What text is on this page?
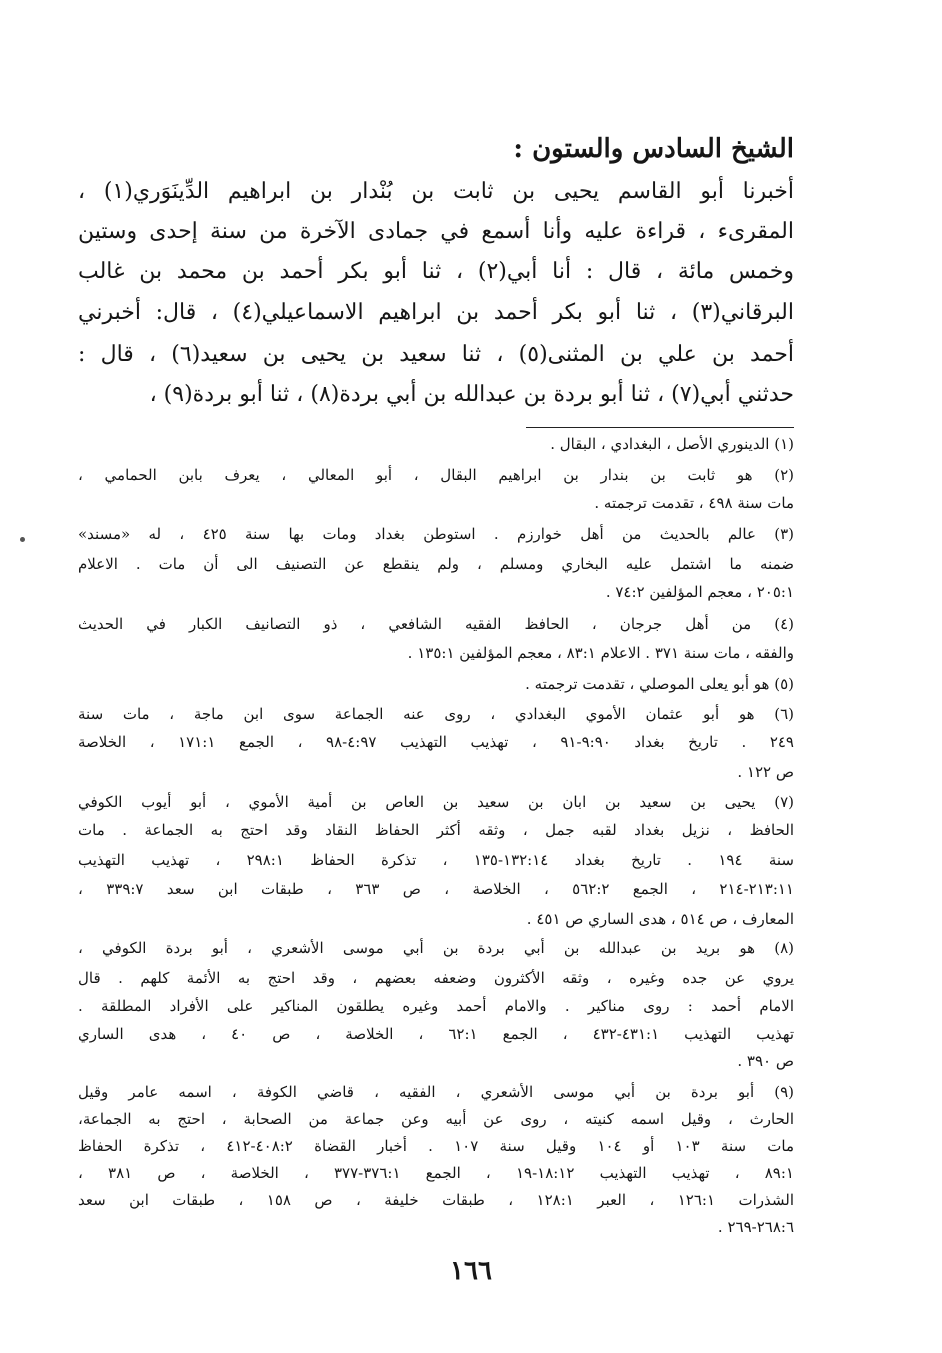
الشيخ السادس والستون :
أخبرنا أبو القاسم يحيى بن ثابت بن بُنْدار بن ابراهيم الدِّينَوَري(١) ،
المقرىء ، قراءة عليه وأنا أسمع في جمادى الآخرة من سنة إحدى وستين
وخمس مائة ، قال : أنا أبي(٢) ، ثنا أبو بكر أحمد بن محمد بن غالب
البرقاني(٣) ، ثنا أبو بكر أحمد بن ابراهيم الاسماعيلي(٤) ، قال: أخبرني
أحمد بن علي بن المثنى(٥) ، ثنا سعيد بن يحيى بن سعيد(٦) ، قال :
حدثني أبي(٧) ، ثنا أبو بردة بن عبدالله بن أبي بردة(٨) ، ثنا أبو بردة(٩) ،
(١) الدينوري الأصل ، البغدادي ، البقال .
(٢) هو ثابت بن بندار بن ابراهيم البقال ، أبو المعالي ، يعرف بابن الحمامي ،
مات سنة ٤٩٨ ، تقدمت ترجمته .
(٣) عالم بالحديث من أهل خوارزم . استوطن بغداد ومات بها سنة ٤٢٥ ، له «مسند»
ضمنه ما اشتمل عليه البخاري ومسلم ، ولم ينقطع عن التصنيف الى أن مات . الاعلام
٢٠٥:١ ، معجم المؤلفين ٧٤:٢ .
(٤) من أهل جرجان ، الحافظ الفقيه الشافعي ، ذو التصانيف الكبار في الحديث
والفقه ، مات سنة ٣٧١ . الاعلام ٨٣:١ ، معجم المؤلفين ١٣٥:١ .
(٥) هو أبو يعلى الموصلي ، تقدمت ترجمته .
(٦) هو أبو عثمان الأموي البغدادي ، روى عنه الجماعة سوى ابن ماجة ، مات سنة
٢٤٩ . تاريخ بغداد ٩:٩٠-٩١ ، تهذيب التهذيب ٤:٩٧-٩٨ ، الجمع ١٧١:١ ، الخلاصة
ص ١٢٢ .
(٧) يحيى بن سعيد بن ابان بن سعيد بن العاص بن أمية الأموي ، أبو أيوب الكوفي
الحافظ ، نزيل بغداد لقبه جمل ، وثقه أكثر الحفاظ النقاد وقد احتج به الجماعة . مات
سنة ١٩٤ . تاريخ بغداد ١٣٢:١٤-١٣٥ ، تذكرة الحفاظ ٢٩٨:١ ، تهذيب التهذيب
٢١٣:١١-٢١٤ ، الجمع ٥٦٢:٢ ، الخلاصة ، ص ٣٦٣ ، طبقات ابن سعد ٣٣٩:٧ ،
المعارف ، ص ٥١٤ ، هدى الساري ص ٤٥١ .
(٨) هو بريد بن عبدالله بن أبي بردة بن أبي موسى الأشعري ، أبو بردة الكوفي ،
يروي عن جده وغيره ، وثقه الأكثرون وضعفه بعضهم ، وقد احتج به الأئمة كلهم . قال
الامام أحمد : روى مناكير . والامام أحمد وغيره يطلقون المناكير على الأفراد المطلقة .
تهذيب التهذيب ٤٣١:١-٤٣٢ ، الجمع ٦٢:١ ، الخلاصة ، ص ٤٠ ، هدى الساري
ص ٣٩٠ .
(٩) أبو بردة بن أبي موسى الأشعري ، الفقيه ، قاضي الكوفة ، اسمه عامر وقيل
الحارث ، وقيل اسمه كنيته ، روى عن أبيه وعن جماعة من الصحابة ، احتج به الجماعة،
مات سنة ١٠٣ أو ١٠٤ وقيل سنة ١٠٧ . أخبار القضاة ٤٠٨:٢-٤١٢ ، تذكرة الحفاظ
٨٩:١ ، تهذيب التهذيب ١٨:١٢-١٩ ، الجمع ٣٧٦:١-٣٧٧ ، الخلاصة ، ص ٣٨١ ،
الشذرات ١٢٦:١ ، العبر ١٢٨:١ ، طبقات خليفة ، ص ١٥٨ ، طبقات ابن سعد
٢٦٨:٦-٢٦٩ .
١٦٦
